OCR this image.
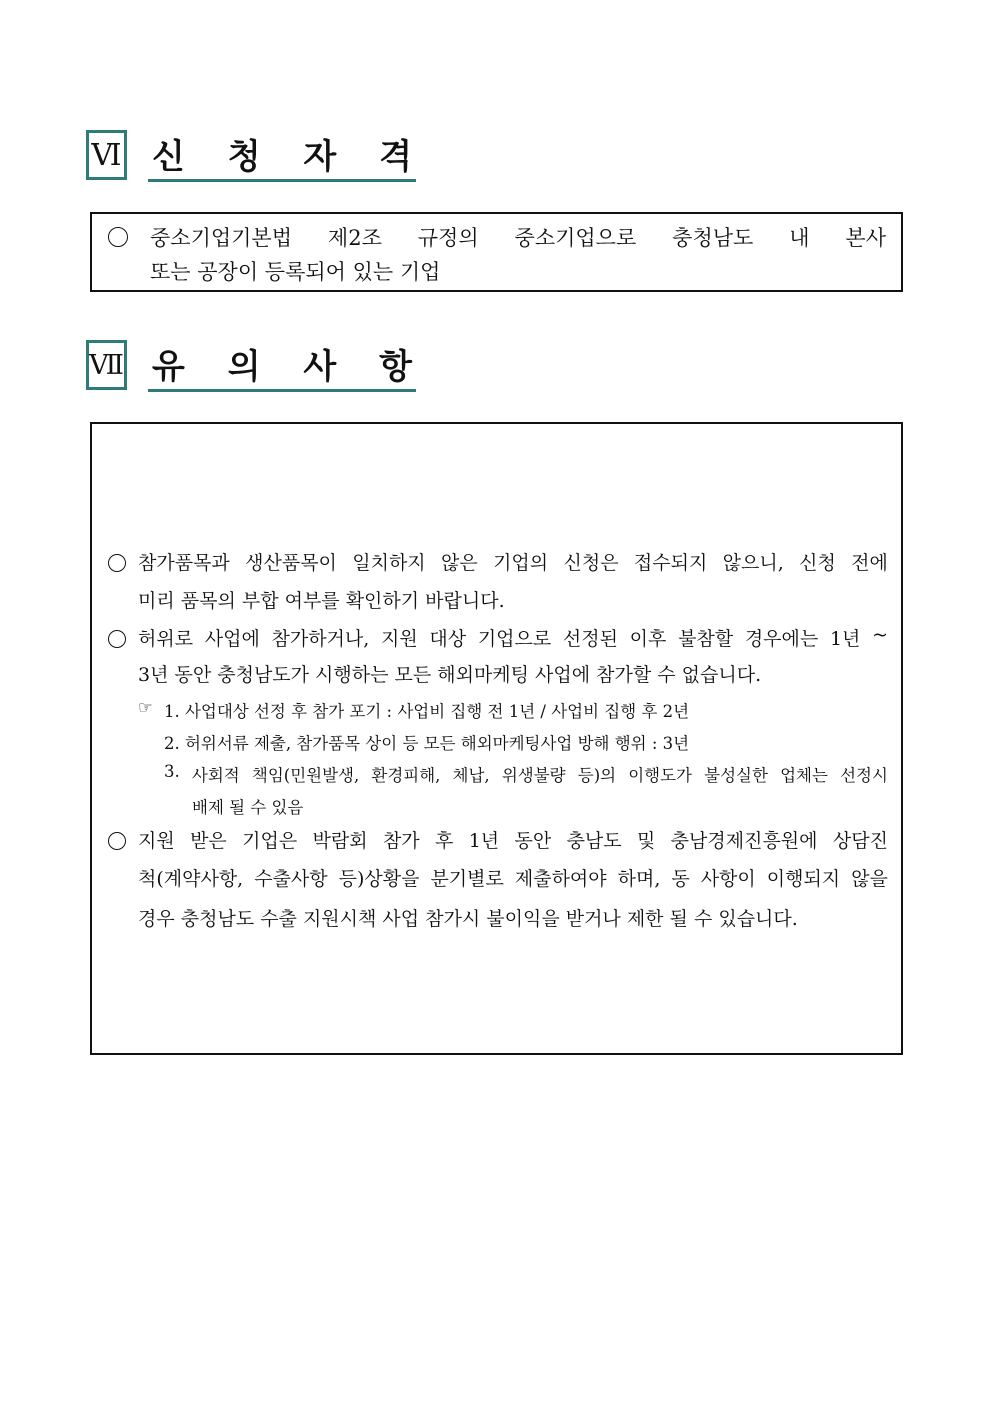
Ⅵ 신 청 자 격
중소기업기본법 제2조 규정의 중소기업으로 충청남도 내 본사
또는 공장이 등록되어 있는 기업
Ⅶ 유 의 사 항
참가품목과 생산품목이 일치하지 않은 기업의 신청은 접수되지 않으니, 신청 전에
미리 품목의 부합 여부를 확인하기 바랍니다.
허위로 사업에 참가하거나, 지원 대상 기업으로 선정된 이후 불참할 경우에는 1년 ~
3년 동안 충청남도가 시행하는 모든 해외마케팅 사업에 참가할 수 없습니다.
☞ 1. 사업대상 선정 후 참가 포기 : 사업비 집행 전 1년 / 사업비 집행 후 2년
2. 허위서류 제출, 참가품목 상이 등 모든 해외마케팅사업 방해 행위 : 3년
3. 사회적 책임(민원발생, 환경피해, 체납, 위생불량 등)의 이행도가 불성실한 업체는 선정시
배제 될 수 있음
지원 받은 기업은 박람회 참가 후 1년 동안 충남도 및 충남경제진흥원에 상담진
척(계약사항, 수출사항 등)상황을 분기별로 제출하여야 하며, 동 사항이 이행되지 않을
경우 충청남도 수출 지원시책 사업 참가시 불이익을 받거나 제한 될 수 있습니다.
